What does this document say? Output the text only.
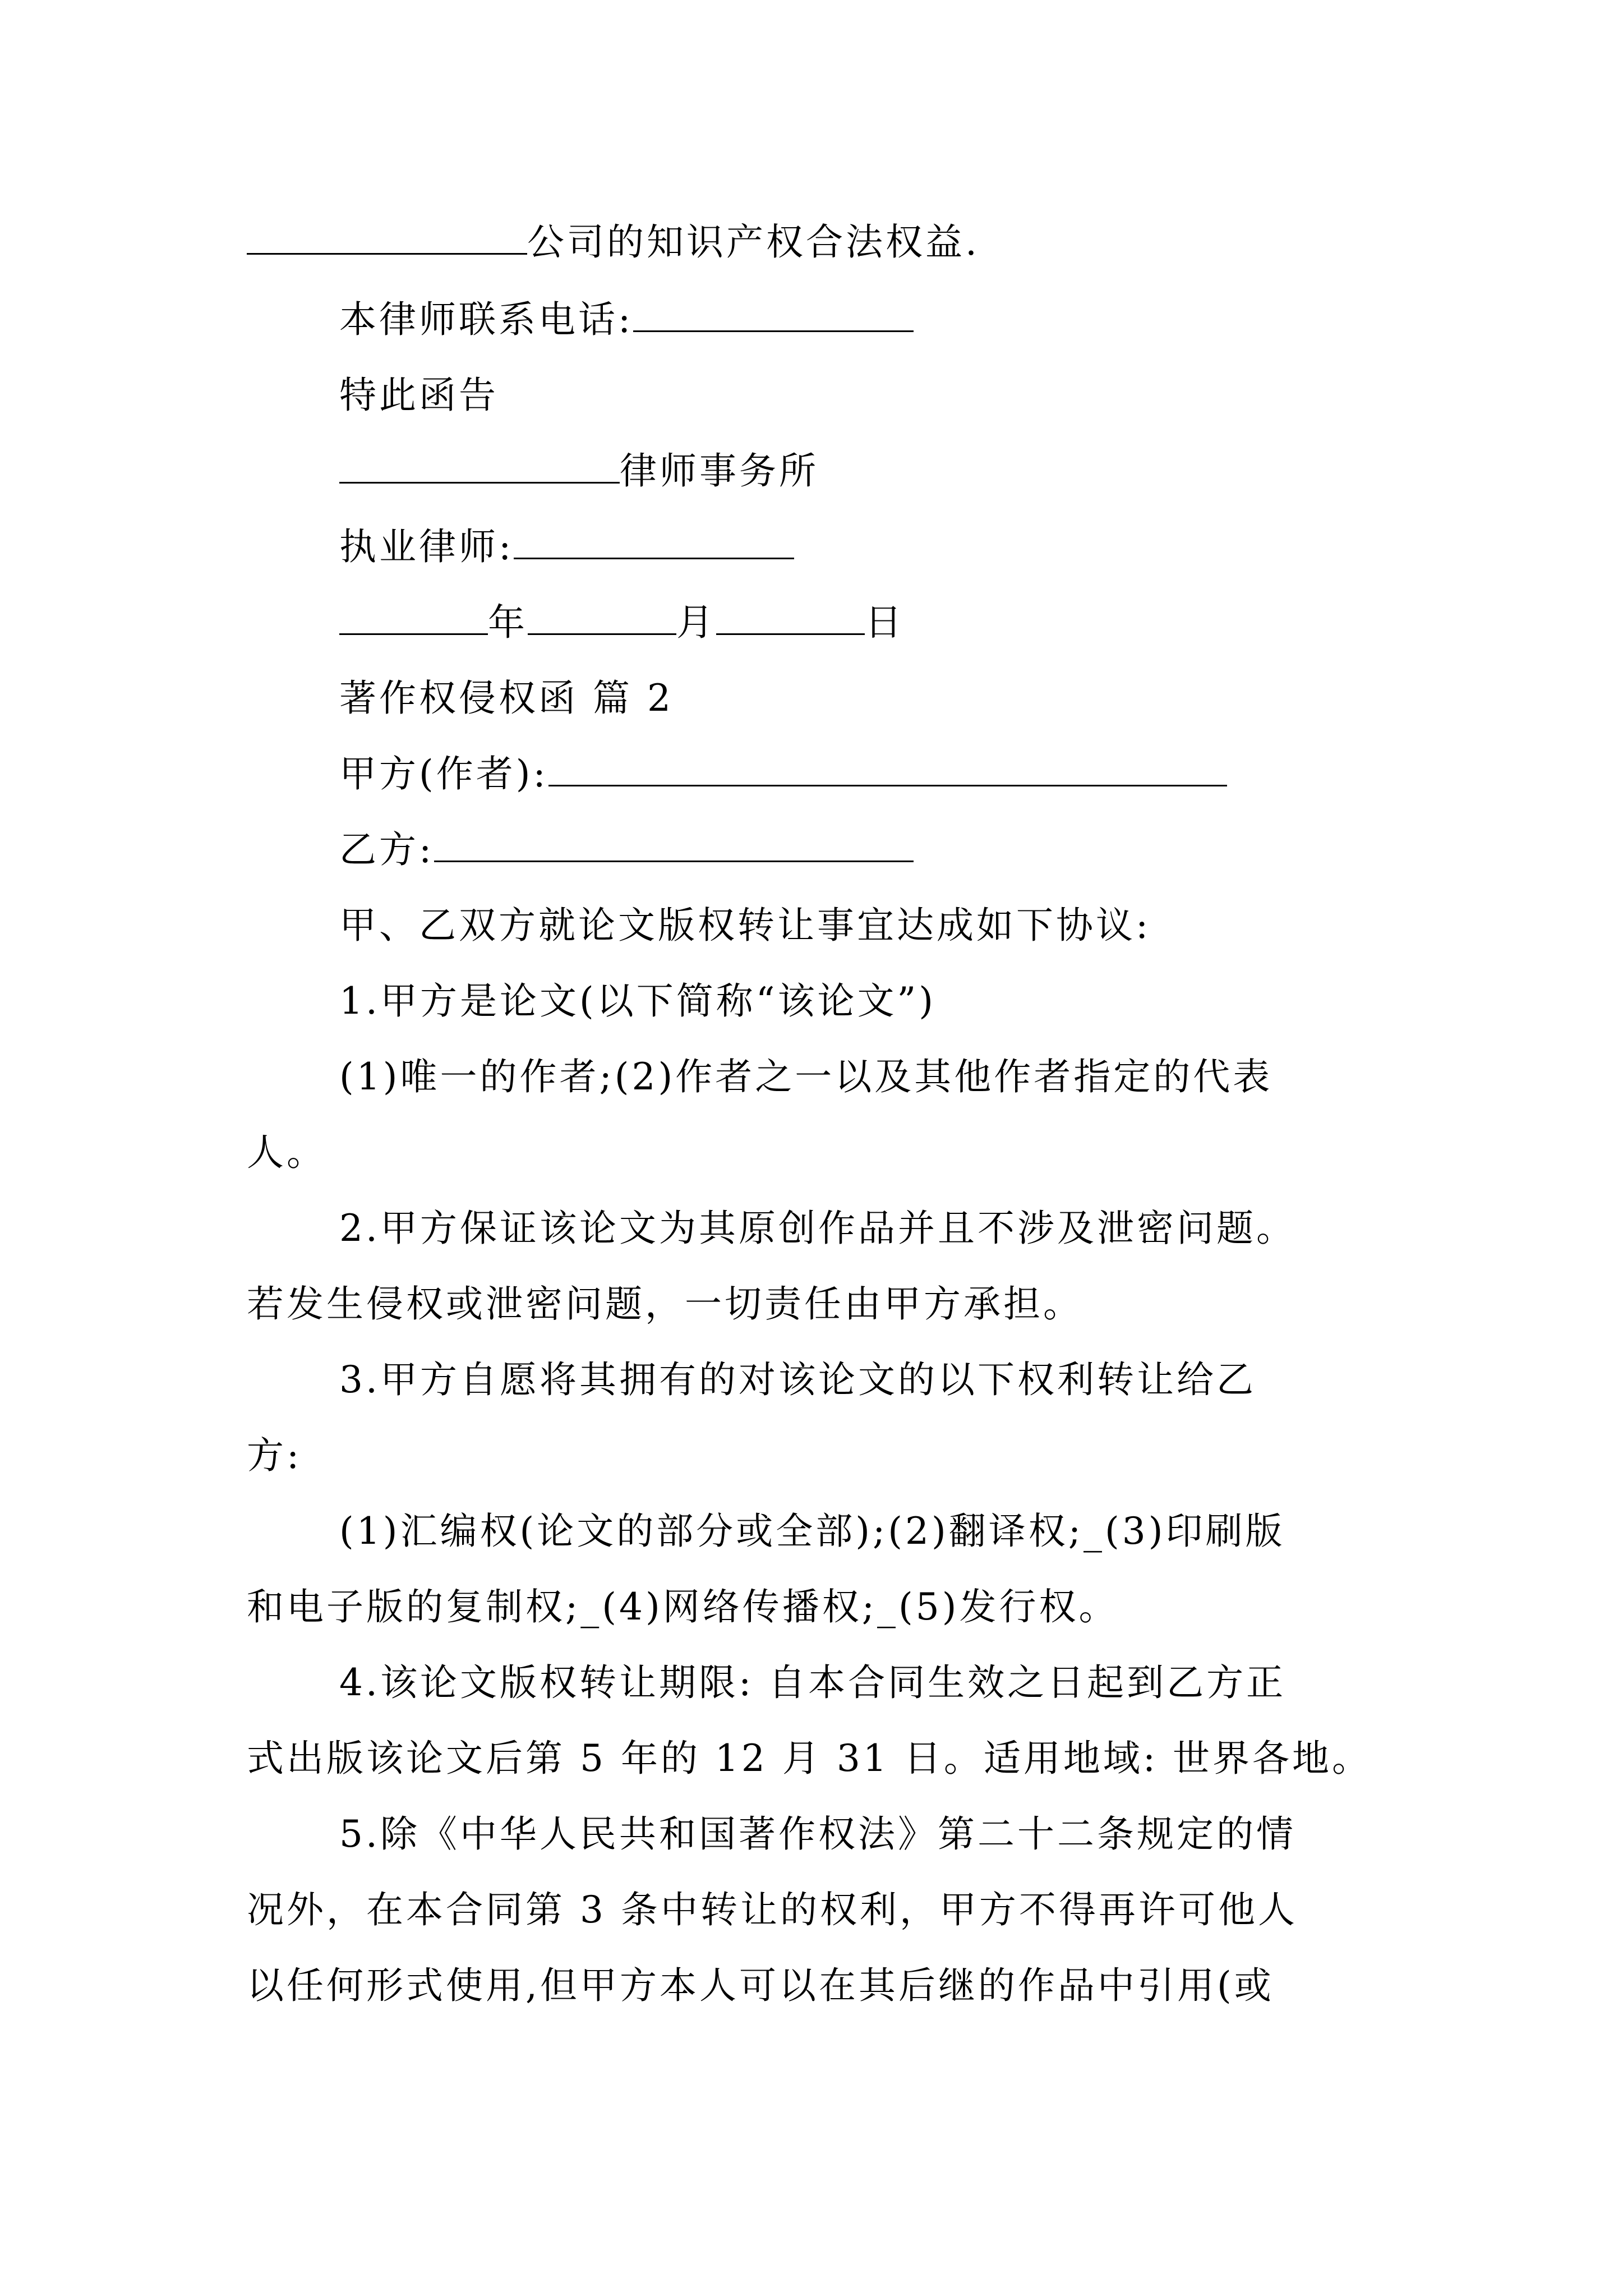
公司的知识产权合法权益.
本律师联系电话:
特此函告
律师事务所
执业律师:
年	月	日
著作权侵权函 篇 2
甲方(作者):
乙方:
甲、乙双方就论文版权转让事宜达成如下协议:
1.甲方是论文(以下简称“该论文”)
(1)唯一的作者;(2)作者之一以及其他作者指定的代表
人。
2.甲方保证该论文为其原创作品并且不涉及泄密问题。
若发生侵权或泄密问题，一切责任由甲方承担。
3.甲方自愿将其拥有的对该论文的以下权利转让给乙
方:
(1)汇编权(论文的部分或全部);(2)翻译权;_(3)印刷版
和电子版的复制权;_(4)网络传播权;_(5)发行权。
4.该论文版权转让期限: 自本合同生效之日起到乙方正
式出版该论文后第 5 年的 12 月 31 日。适用地域: 世界各地。
5.除《中华人民共和国著作权法》第二十二条规定的情
况外，在本合同第 3 条中转让的权利，甲方不得再许可他人
以任何形式使用,但甲方本人可以在其后继的作品中引用(或
